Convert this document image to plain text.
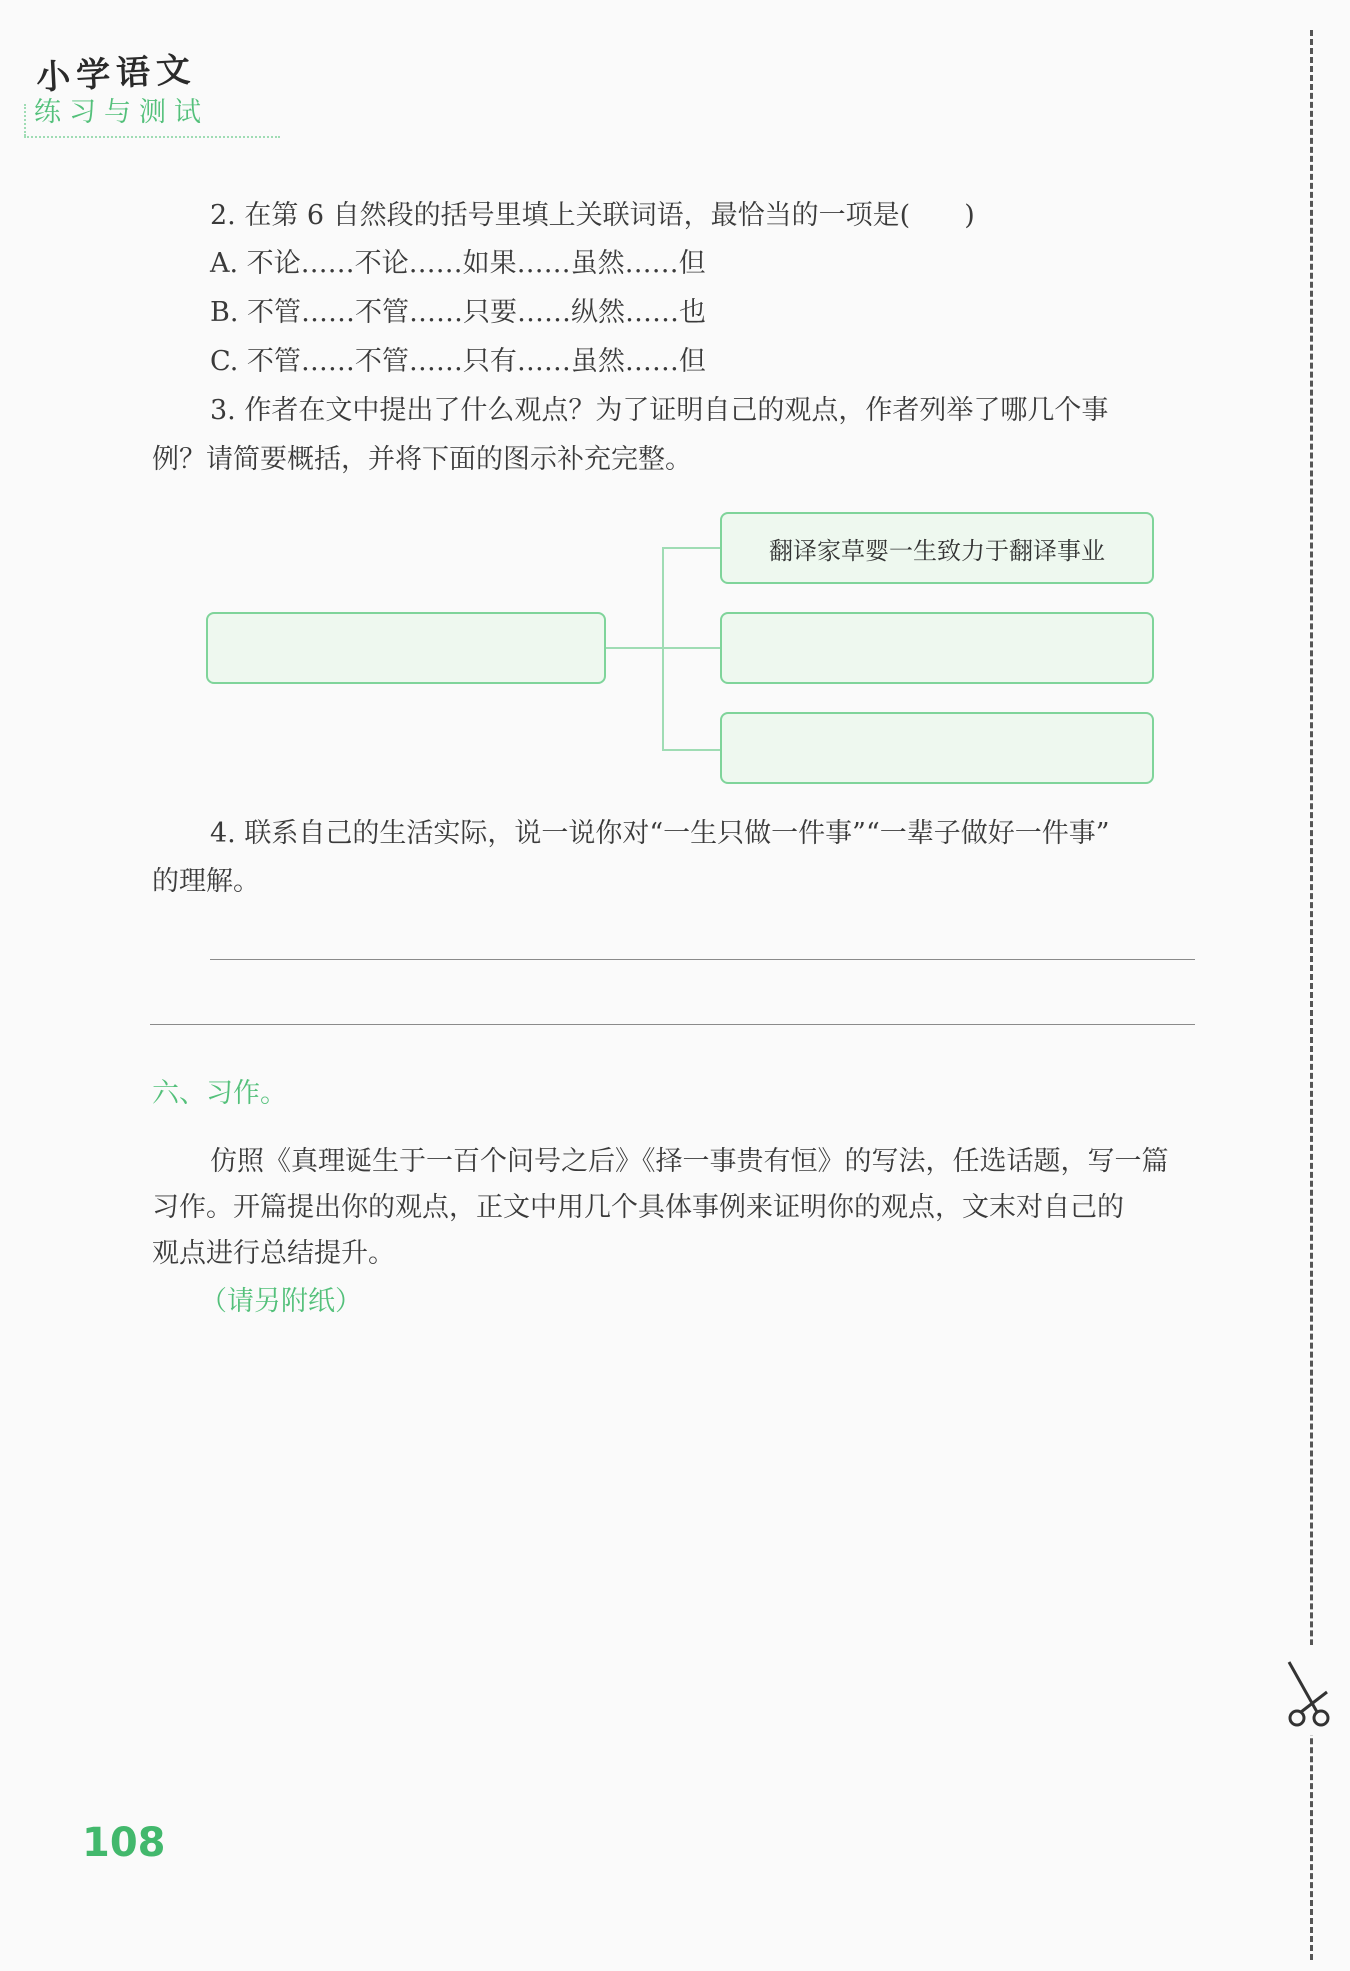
小学语文
练习与测试
2. 在第 6 自然段的括号里填上关联词语，最恰当的一项是(　　)
A. 不论……不论……如果……虽然……但
B. 不管……不管……只要……纵然……也
C. 不管……不管……只有……虽然……但
3. 作者在文中提出了什么观点？为了证明自己的观点，作者列举了哪几个事
例？请简要概括，并将下面的图示补充完整。
翻译家草婴一生致力于翻译事业
4. 联系自己的生活实际，说一说你对“一生只做一件事”“一辈子做好一件事”
的理解。
六、习作。
仿照《真理诞生于一百个问号之后》《择一事贵有恒》的写法，任选话题，写一篇
习作。开篇提出你的观点，正文中用几个具体事例来证明你的观点，文末对自己的
观点进行总结提升。
（请另附纸）
108
